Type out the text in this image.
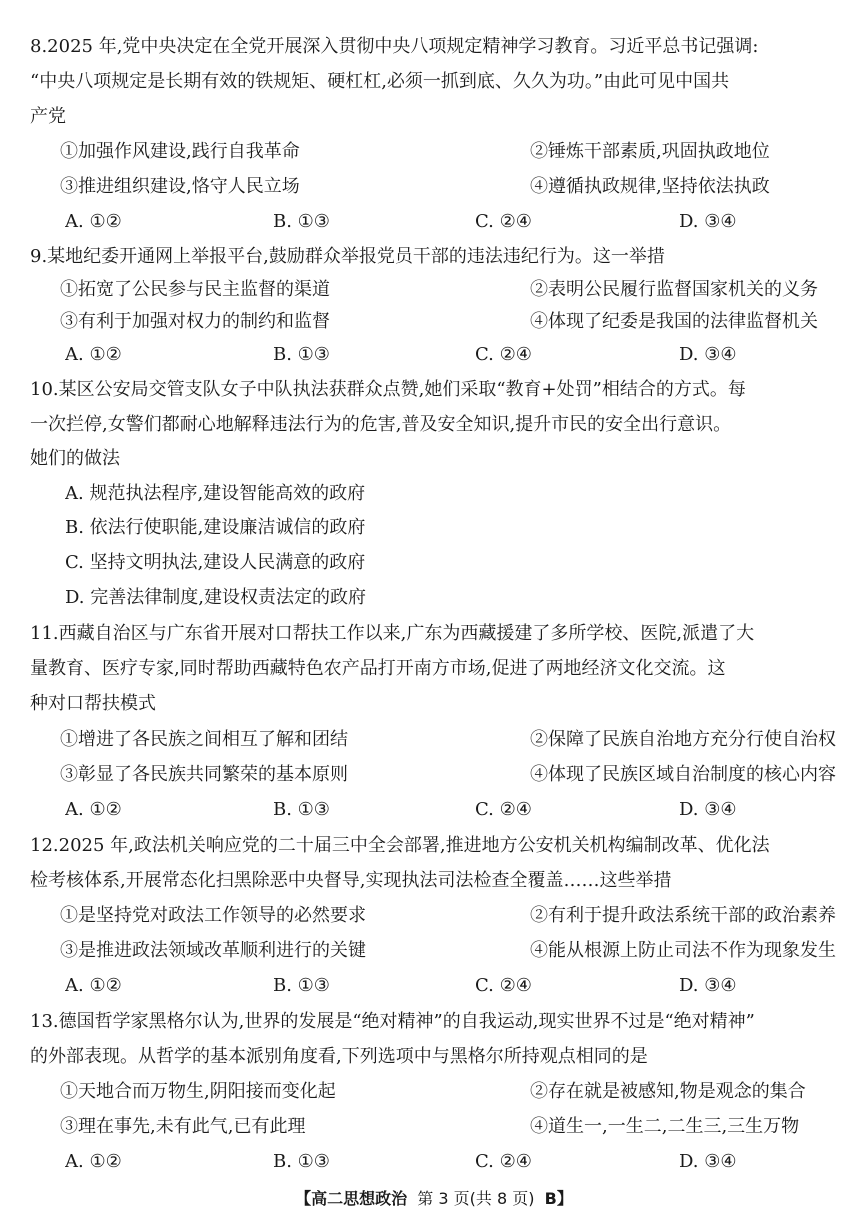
8.2025 年,党中央决定在全党开展深入贯彻中央八项规定精神学习教育。习近平总书记强调:
“中央八项规定是长期有效的铁规矩、硬杠杠,必须一抓到底、久久为功。”由此可见中国共
产党
①加强作风建设,践行自我革命	②锤炼干部素质,巩固执政地位
③推进组织建设,恪守人民立场	④遵循执政规律,坚持依法执政
A. ①②	B. ①③	C. ②④	D. ③④
9.某地纪委开通网上举报平台,鼓励群众举报党员干部的违法违纪行为。这一举措
①拓宽了公民参与民主监督的渠道	②表明公民履行监督国家机关的义务
③有利于加强对权力的制约和监督	④体现了纪委是我国的法律监督机关
A. ①②	B. ①③	C. ②④	D. ③④
10.某区公安局交管支队女子中队执法获群众点赞,她们采取“教育+处罚”相结合的方式。每
一次拦停,女警们都耐心地解释违法行为的危害,普及安全知识,提升市民的安全出行意识。
她们的做法
A. 规范执法程序,建设智能高效的政府
B. 依法行使职能,建设廉洁诚信的政府
C. 坚持文明执法,建设人民满意的政府
D. 完善法律制度,建设权责法定的政府
11.西藏自治区与广东省开展对口帮扶工作以来,广东为西藏援建了多所学校、医院,派遣了大
量教育、医疗专家,同时帮助西藏特色农产品打开南方市场,促进了两地经济文化交流。这
种对口帮扶模式
①增进了各民族之间相互了解和团结	②保障了民族自治地方充分行使自治权
③彰显了各民族共同繁荣的基本原则	④体现了民族区域自治制度的核心内容
A. ①②	B. ①③	C. ②④	D. ③④
12.2025 年,政法机关响应党的二十届三中全会部署,推进地方公安机关机构编制改革、优化法
检考核体系,开展常态化扫黑除恶中央督导,实现执法司法检查全覆盖……这些举措
①是坚持党对政法工作领导的必然要求	②有利于提升政法系统干部的政治素养
③是推进政法领域改革顺利进行的关键	④能从根源上防止司法不作为现象发生
A. ①②	B. ①③	C. ②④	D. ③④
13.德国哲学家黑格尔认为,世界的发展是“绝对精神”的自我运动,现实世界不过是“绝对精神”
的外部表现。从哲学的基本派别角度看,下列选项中与黑格尔所持观点相同的是
①天地合而万物生,阴阳接而变化起	②存在就是被感知,物是观念的集合
③理在事先,未有此气,已有此理	④道生一,一生二,二生三,三生万物
A. ①②	B. ①③	C. ②④	D. ③④
【高二思想政治 第 3 页(共 8 页) B】
